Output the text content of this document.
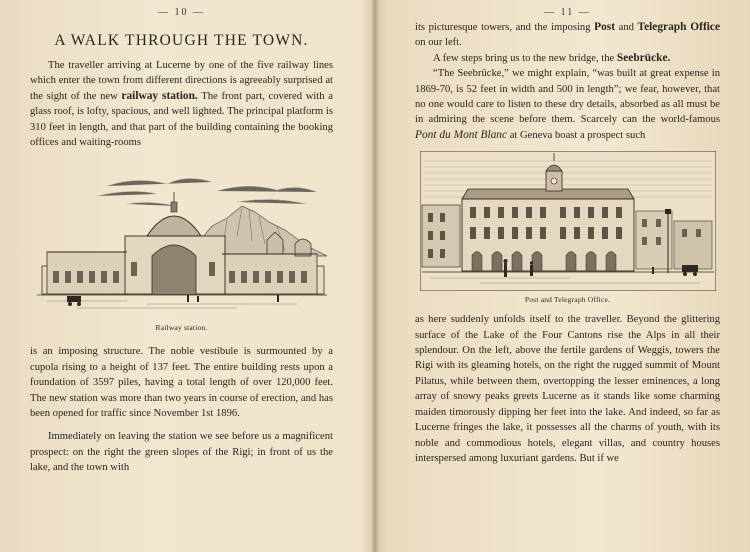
— 10 —
A WALK THROUGH THE TOWN.

The traveller arriving at Lucerne by one of the five railway lines which enter the town from different directions is agreeably surprised at the sight of the new railway station. The front part, covered with a glass roof, is lofty, spacious, and well lighted. The principal platform is 310 feet in length, and that part of the building containing the booking offices and waiting-rooms

Railway station.

is an imposing structure. The noble vestibule is surmounted by a cupola rising to a height of 137 feet. The entire building rests upon a foundation of 3597 piles, having a total length of over 120,000 feet. The new station was more than two years in course of erection, and has been opened for traffic since November 1st 1896.

Immediately on leaving the station we see before us a magnificent prospect: on the right the green slopes of the Rigi; in front of us the lake, and the town with

— 11 —

its picturesque towers, and the imposing Post and Telegraph Office on our left.

A few steps bring us to the new bridge, the Seebrücke.

“The Seebrücke,” we might explain, “was built at great expense in 1869-70, is 52 feet in width and 500 in length”; we fear, however, that no one would care to listen to these dry details, absorbed as all must be in admiring the scene before them. Scarcely can the world-famous Pont du Mont Blanc at Geneva boast a prospect such

Post and Telegraph Office.

as here suddenly unfolds itself to the traveller. Beyond the glittering surface of the Lake of the Four Cantons rise the Alps in all their splendour. On the left, above the fertile gardens of Weggis, towers the Rigi with its gleaming hotels, on the right the rugged summit of Mount Pilatus, while between them, overtopping the lesser eminences, a long array of snowy peaks greets Lucerne as it stands like some charming maiden timorously dipping her feet into the lake. And indeed, so far as Lucerne fringes the lake, it possesses all the charms of youth, with its noble and commodious hotels, elegant villas, and country houses interspersed among luxuriant gardens. But if we
